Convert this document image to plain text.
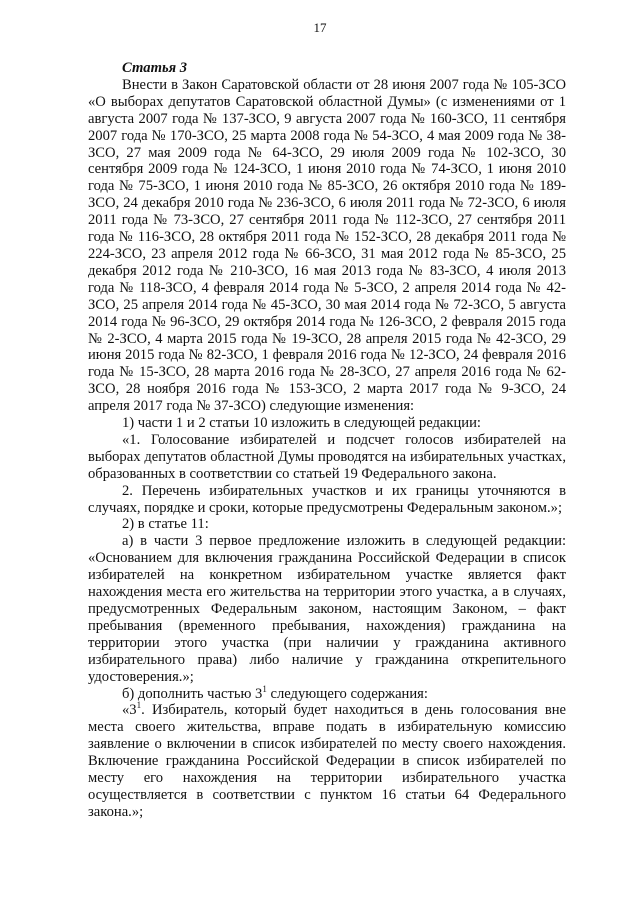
17

Статья 3

Внести в Закон Саратовской области от 28 июня 2007 года № 105-ЗСО «О выборах депутатов Саратовской областной Думы» (с изменениями от 1 августа 2007 года № 137-ЗСО, 9 августа 2007 года № 160-ЗСО, 11 сентября 2007 года № 170-ЗСО, 25 марта 2008 года № 54-ЗСО, 4 мая 2009 года № 38-ЗСО, 27 мая 2009 года № 64-ЗСО, 29 июля 2009 года № 102-ЗСО, 30 сентября 2009 года № 124-ЗСО, 1 июня 2010 года № 74-ЗСО, 1 июня 2010 года № 75-ЗСО, 1 июня 2010 года № 85-ЗСО, 26 октября 2010 года № 189-ЗСО, 24 декабря 2010 года № 236-ЗСО, 6 июля 2011 года № 72-ЗСО, 6 июля 2011 года № 73-ЗСО, 27 сентября 2011 года № 112-ЗСО, 27 сентября 2011 года № 116-ЗСО, 28 октября 2011 года № 152-ЗСО, 28 декабря 2011 года № 224-ЗСО, 23 апреля 2012 года № 66-ЗСО, 31 мая 2012 года № 85-ЗСО, 25 декабря 2012 года № 210-ЗСО, 16 мая 2013 года № 83-ЗСО, 4 июля 2013 года № 118-ЗСО, 4 февраля 2014 года № 5-ЗСО, 2 апреля 2014 года № 42-ЗСО, 25 апреля 2014 года № 45-ЗСО, 30 мая 2014 года № 72-ЗСО, 5 августа 2014 года № 96-ЗСО, 29 октября 2014 года № 126-ЗСО, 2 февраля 2015 года № 2-ЗСО, 4 марта 2015 года № 19-ЗСО, 28 апреля 2015 года № 42-ЗСО, 29 июня 2015 года № 82-ЗСО, 1 февраля 2016 года № 12-ЗСО, 24 февраля 2016 года № 15-ЗСО, 28 марта 2016 года № 28-ЗСО, 27 апреля 2016 года № 62-ЗСО, 28 ноября 2016 года № 153-ЗСО, 2 марта 2017 года № 9-ЗСО, 24 апреля 2017 года № 37-ЗСО) следующие изменения:

1) части 1 и 2 статьи 10 изложить в следующей редакции:

«1. Голосование избирателей и подсчет голосов избирателей на выборах депутатов областной Думы проводятся на избирательных участках, образованных в соответствии со статьей 19 Федерального закона.

2. Перечень избирательных участков и их границы уточняются в случаях, порядке и сроки, которые предусмотрены Федеральным законом.»;

2) в статье 11:

а) в части 3 первое предложение изложить в следующей редакции: «Основанием для включения гражданина Российской Федерации в список избирателей на конкретном избирательном участке является факт нахождения места его жительства на территории этого участка, а в случаях, предусмотренных Федеральным законом, настоящим Законом, – факт пребывания (временного пребывания, нахождения) гражданина на территории этого участка (при наличии у гражданина активного избирательного права) либо наличие у гражданина открепительного удостоверения.»;

б) дополнить частью $3^1$ следующего содержания:

«$3^1$. Избиратель, который будет находиться в день голосования вне места своего жительства, вправе подать в избирательную комиссию заявление о включении в список избирателей по месту своего нахождения. Включение гражданина Российской Федерации в список избирателей по месту его нахождения на территории избирательного участка осуществляется в соответствии с пунктом 16 статьи 64 Федерального закона.»;
